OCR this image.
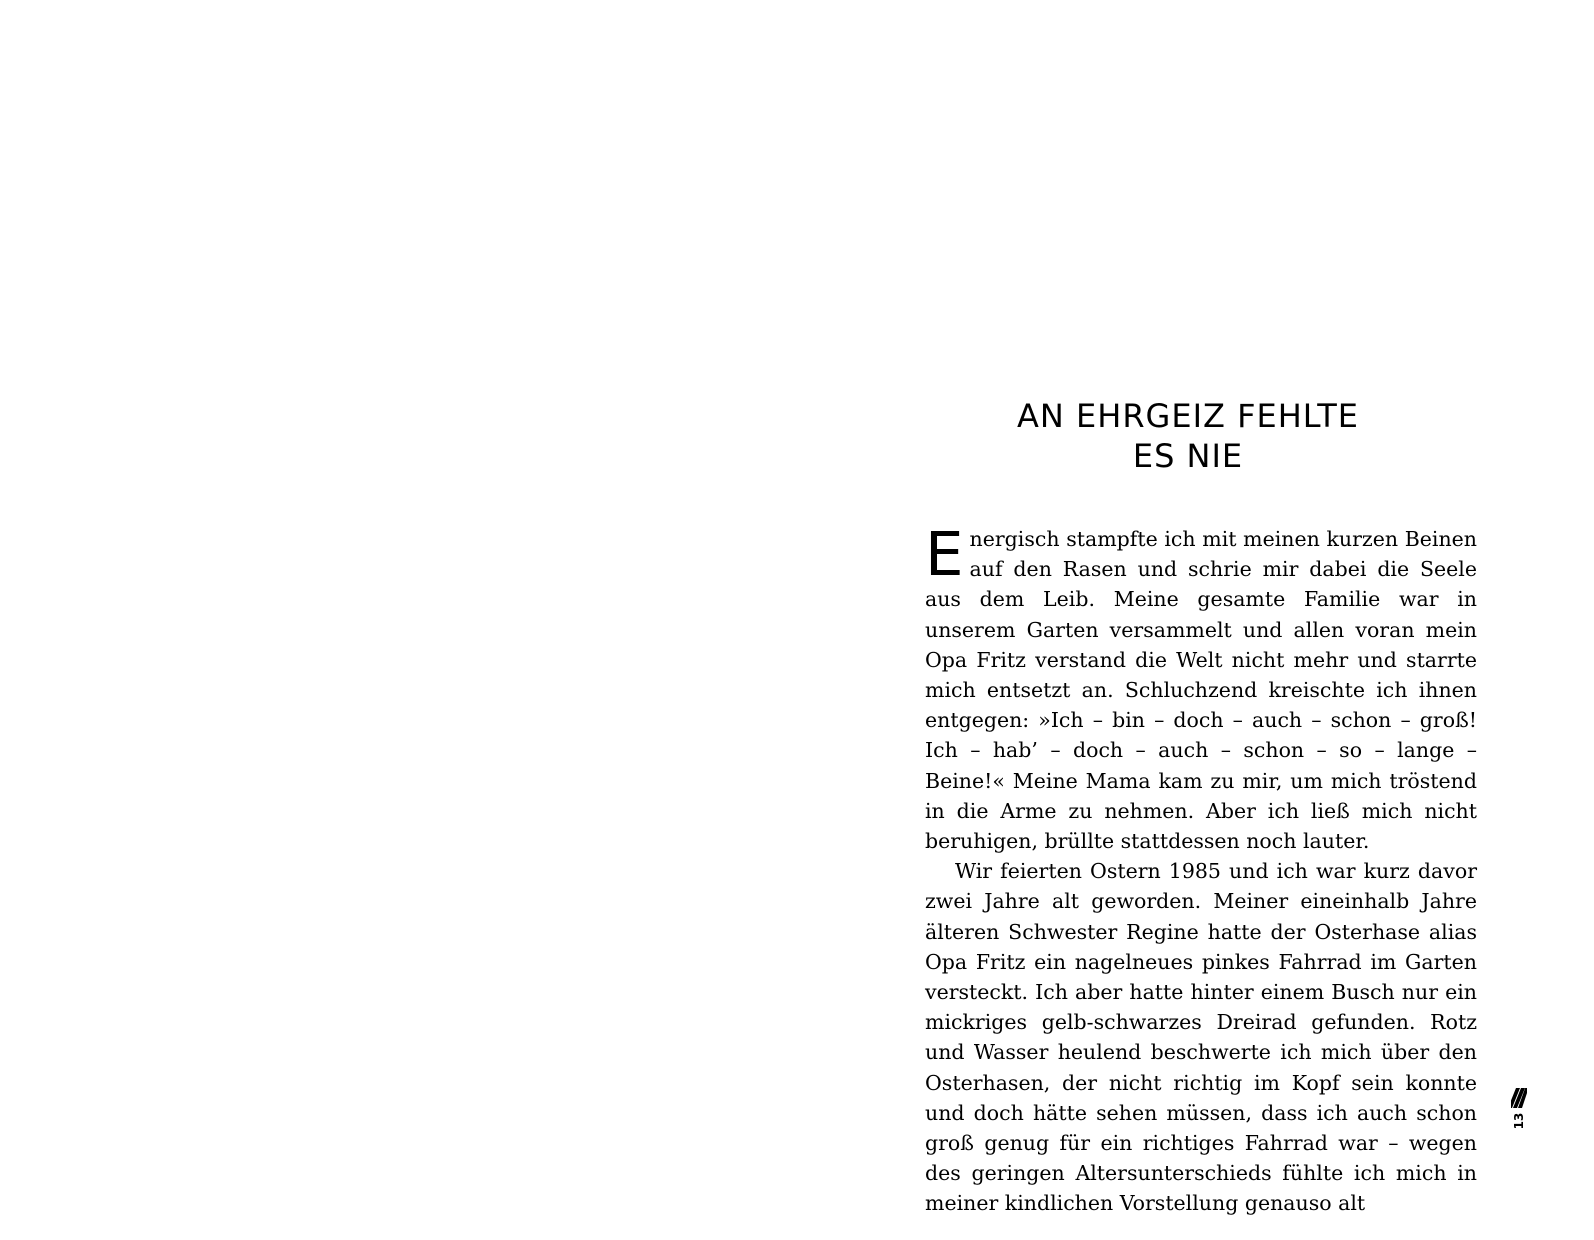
AN EHRGEIZ FEHLTE
ES NIE

Energisch stampfte ich mit meinen kurzen Beinen auf den Rasen und schrie mir dabei die Seele aus dem Leib. Meine gesamte Familie war in unserem Garten versammelt und allen voran mein Opa Fritz verstand die Welt nicht mehr und starrte mich entsetzt an. Schluchzend kreischte ich ihnen entgegen: »Ich – bin – doch – auch – schon – groß! Ich – hab’ – doch – auch – schon – so – lange – Beine!« Meine Mama kam zu mir, um mich tröstend in die Arme zu nehmen. Aber ich ließ mich nicht beruhigen, brüllte stattdessen noch lauter.

Wir feierten Ostern 1985 und ich war kurz davor zwei Jahre alt geworden. Meiner eineinhalb Jahre älteren Schwester Regine hatte der Osterhase alias Opa Fritz ein nagelneues pinkes Fahrrad im Garten versteckt. Ich aber hatte hinter einem Busch nur ein mickriges gelb-schwarzes Dreirad gefunden. Rotz und Wasser heulend beschwerte ich mich über den Osterhasen, der nicht richtig im Kopf sein konnte und doch hätte sehen müssen, dass ich auch schon groß genug für ein richtiges Fahrrad war – wegen des geringen Altersunterschieds fühlte ich mich in meiner kindlichen Vorstellung genauso alt

13
